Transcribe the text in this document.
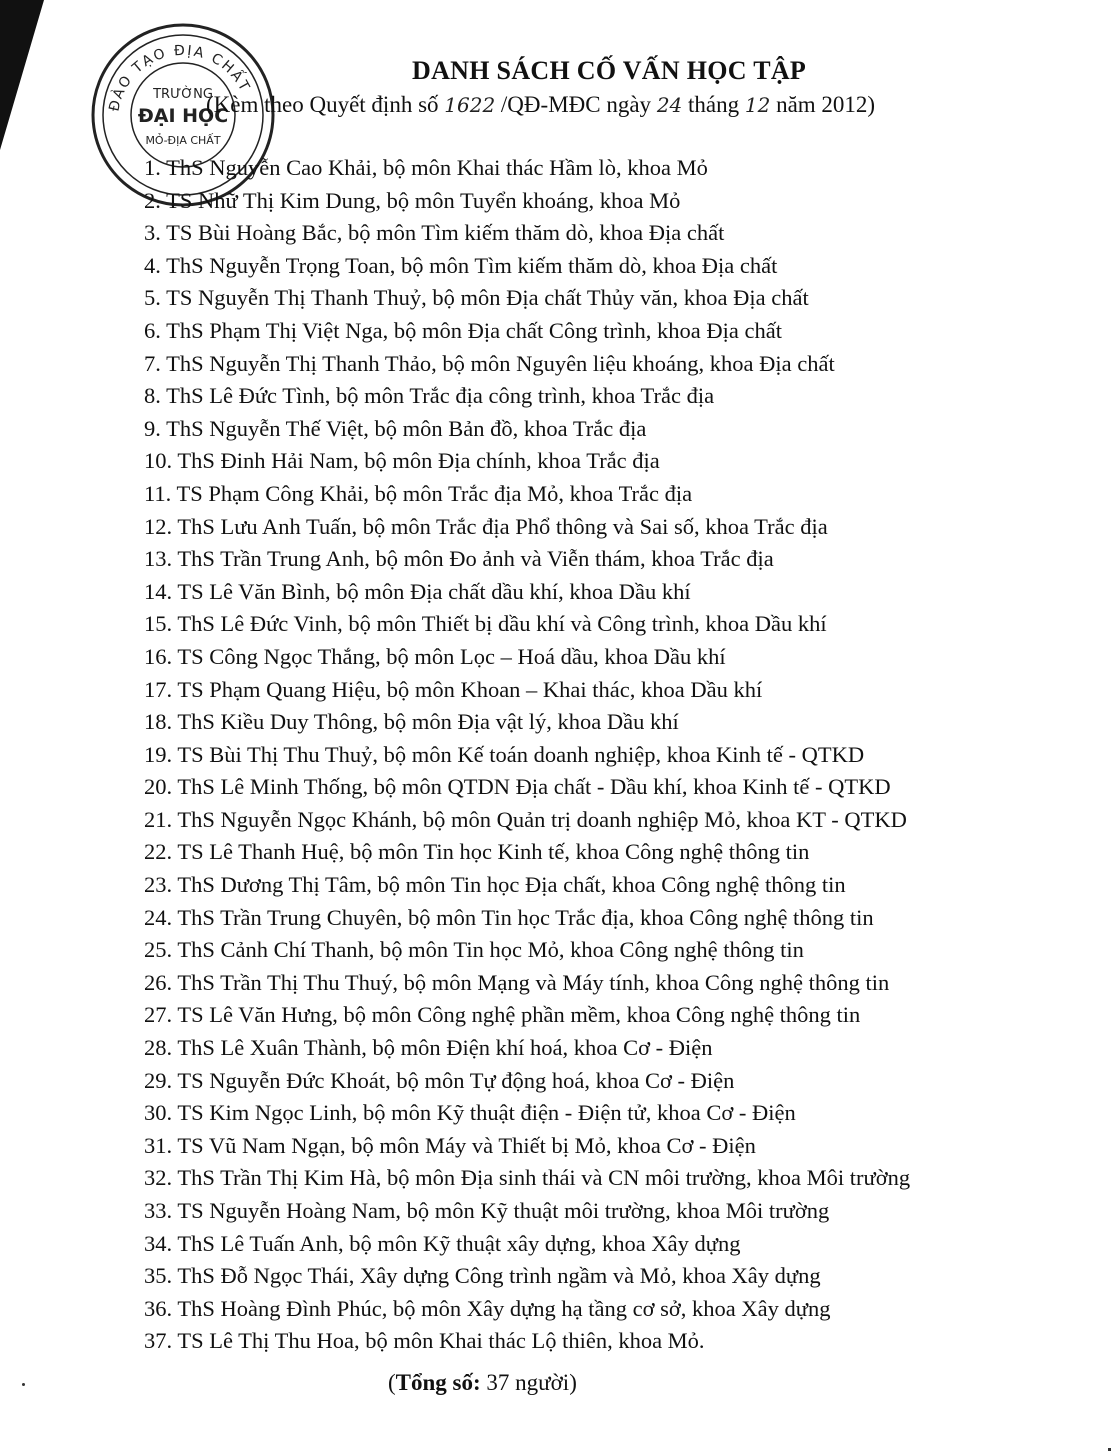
ĐÀO TẠO ĐỊA CHẤT
TRƯỜNG
ĐẠI HỌC
MỎ-ĐỊA CHẤT
DANH SÁCH CỐ VẤN HỌC TẬP
(Kèm theo Quyết định số 1622 /QĐ-MĐC ngày 24 tháng 12 năm 2012)
1. ThS Nguyễn Cao Khải, bộ môn Khai thác Hầm lò, khoa Mỏ
2. TS Nhữ Thị Kim Dung, bộ môn Tuyển khoáng, khoa Mỏ
3. TS Bùi Hoàng Bắc, bộ môn Tìm kiếm thăm dò, khoa Địa chất
4. ThS Nguyễn Trọng Toan, bộ môn Tìm kiếm thăm dò, khoa Địa chất
5. TS Nguyễn Thị Thanh Thuỷ, bộ môn Địa chất Thủy văn, khoa Địa chất
6. ThS Phạm Thị Việt Nga, bộ môn Địa chất Công trình, khoa Địa chất
7. ThS Nguyễn Thị Thanh Thảo, bộ môn Nguyên liệu khoáng, khoa Địa chất
8. ThS Lê Đức Tình, bộ môn Trắc địa công trình, khoa Trắc địa
9. ThS Nguyễn Thế Việt, bộ môn Bản đồ, khoa Trắc địa
10. ThS Đinh Hải Nam, bộ môn Địa chính, khoa Trắc địa
11. TS Phạm Công Khải, bộ môn Trắc địa Mỏ, khoa Trắc địa
12. ThS Lưu Anh Tuấn, bộ môn Trắc địa Phổ thông và Sai số, khoa Trắc địa
13. ThS Trần Trung Anh, bộ môn Đo ảnh và Viễn thám, khoa Trắc địa
14. TS Lê Văn Bình, bộ môn Địa chất dầu khí, khoa Dầu khí
15. ThS Lê Đức Vinh, bộ môn Thiết bị dầu khí và Công trình, khoa Dầu khí
16. TS Công Ngọc Thắng, bộ môn Lọc – Hoá dầu, khoa Dầu khí
17. TS Phạm Quang Hiệu, bộ môn Khoan – Khai thác, khoa Dầu khí
18. ThS Kiều Duy Thông, bộ môn Địa vật lý, khoa Dầu khí
19. TS Bùi Thị Thu Thuỷ, bộ môn Kế toán doanh nghiệp, khoa Kinh tế - QTKD
20. ThS Lê Minh Thống, bộ môn QTDN Địa chất - Dầu khí, khoa Kinh tế - QTKD
21. ThS Nguyễn Ngọc Khánh, bộ môn Quản trị doanh nghiệp Mỏ, khoa KT - QTKD
22. TS Lê Thanh Huệ, bộ môn Tin học Kinh tế, khoa Công nghệ thông tin
23. ThS Dương Thị Tâm, bộ môn Tin học Địa chất, khoa Công nghệ thông tin
24. ThS Trần Trung Chuyên, bộ môn Tin học Trắc địa, khoa Công nghệ thông tin
25. ThS Cảnh Chí Thanh, bộ môn Tin học Mỏ, khoa Công nghệ thông tin
26. ThS Trần Thị Thu Thuý, bộ môn Mạng và Máy tính, khoa Công nghệ thông tin
27. TS Lê Văn Hưng, bộ môn Công nghệ phần mềm, khoa Công nghệ thông tin
28. ThS Lê Xuân Thành, bộ môn Điện khí hoá, khoa Cơ - Điện
29. TS Nguyễn Đức Khoát, bộ môn Tự động hoá, khoa Cơ - Điện
30. TS Kim Ngọc Linh, bộ môn Kỹ thuật điện - Điện tử, khoa Cơ - Điện
31. TS Vũ Nam Ngạn, bộ môn Máy và Thiết bị Mỏ, khoa Cơ - Điện
32. ThS Trần Thị Kim Hà, bộ môn Địa sinh thái và CN môi trường, khoa Môi trường
33. TS Nguyễn Hoàng Nam, bộ môn Kỹ thuật môi trường, khoa Môi trường
34. ThS Lê Tuấn Anh, bộ môn Kỹ thuật xây dựng, khoa Xây dựng
35. ThS Đỗ Ngọc Thái, Xây dựng Công trình ngầm và Mỏ, khoa Xây dựng
36. ThS Hoàng Đình Phúc, bộ môn Xây dựng hạ tầng cơ sở, khoa Xây dựng
37. TS Lê Thị Thu Hoa, bộ môn Khai thác Lộ thiên, khoa Mỏ.
(Tổng số: 37 người)
